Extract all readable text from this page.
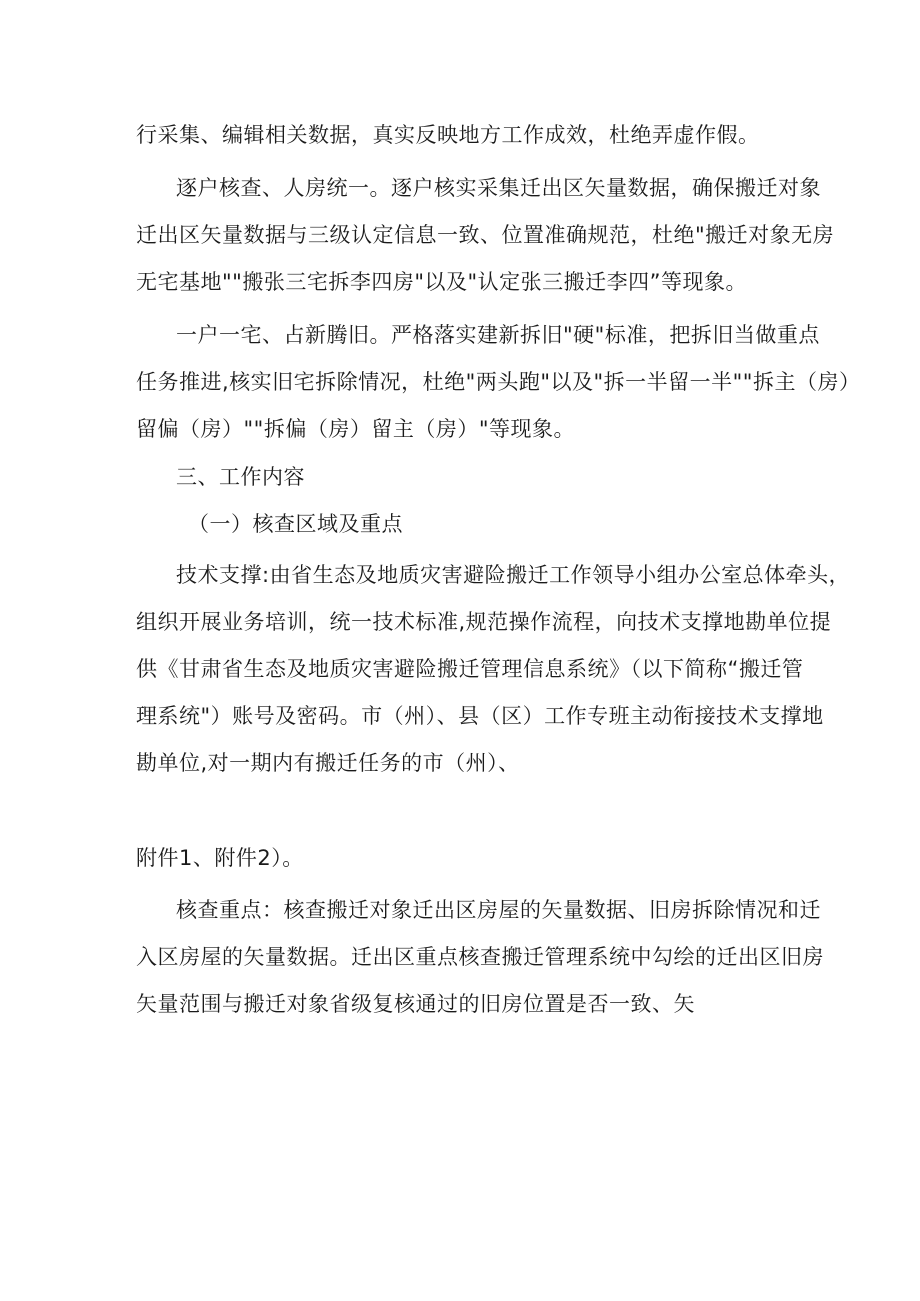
行采集、编辑相关数据，真实反映地方工作成效，杜绝弄虚作假。
逐户核查、人房统一。逐户核实采集迁出区矢量数据，确保搬迁对象
迁出区矢量数据与三级认定信息一致、位置准确规范，杜绝"搬迁对象无房
无宅基地""搬张三宅拆李四房"以及"认定张三搬迁李四”等现象。
一户一宅、占新腾旧。严格落实建新拆旧"硬"标准，把拆旧当做重点
任务推进,核实旧宅拆除情况，杜绝"两头跑"以及"拆一半留一半""拆主（房）
留偏（房）""拆偏（房）留主（房）"等现象。
三、工作内容
（一）核查区域及重点
技术支撑:由省生态及地质灾害避险搬迁工作领导小组办公室总体牵头，
组织开展业务培训，统一技术标准,规范操作流程，向技术支撑地勘单位提
供《甘肃省生态及地质灾害避险搬迁管理信息系统》（以下简称“搬迁管
理系统"）账号及密码。市（州）、县（区）工作专班主动衔接技术支撑地
勘单位,对一期内有搬迁任务的市（州）、
附件1、附件2）。
核查重点：核查搬迁对象迁出区房屋的矢量数据、旧房拆除情况和迁
入区房屋的矢量数据。迁出区重点核查搬迁管理系统中勾绘的迁出区旧房
矢量范围与搬迁对象省级复核通过的旧房位置是否一致、矢
